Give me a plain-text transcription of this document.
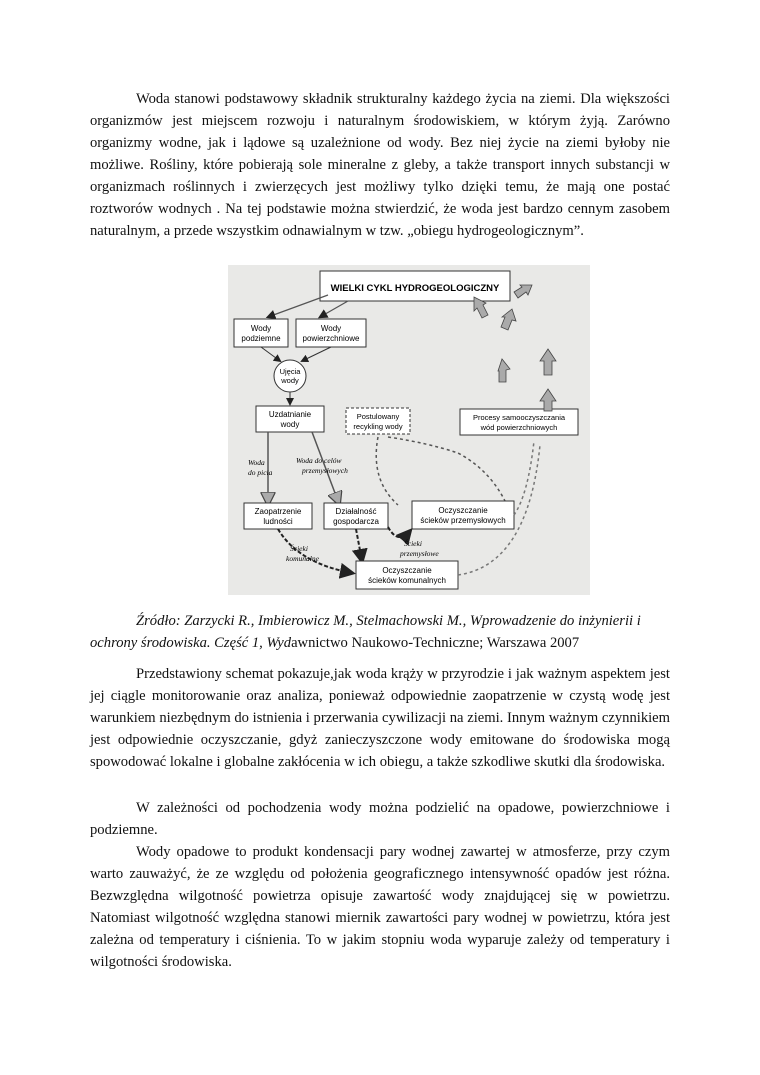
Woda stanowi podstawowy składnik strukturalny każdego życia na ziemi. Dla większości organizmów jest miejscem rozwoju i naturalnym środowiskiem, w którym żyją. Zarówno organizmy wodne, jak i lądowe są uzależnione od wody. Bez niej życie na ziemi byłoby nie możliwe. Rośliny, które pobierają sole mineralne z gleby, a także transport innych substancji w organizmach roślinnych i zwierzęcych jest możliwy tylko dzięki temu, że mają one postać roztworów wodnych . Na tej podstawie można stwierdzić, że woda jest bardzo cennym zasobem naturalnym, a przede wszystkim odnawialnym w tzw. „obiegu hydrogeologicznym”.

WIELKI CYKL HYDROGEOLOGICZNY
Wody
podziemne
Wody
powierzchniowe
Ujęcia
wody
Uzdatnianie
wody
Postulowany
recykling wody
Procesy samooczyszczania
wód powierzchniowych
Woda
do picia
Woda do celów
przemysłowych
Zaopatrzenie
ludności
Działalność
gospodarcza
Oczyszczanie
ścieków przemysłowych
Ścieki
przemysłowe
Ścieki
komunalne
Oczyszczanie
ścieków komunalnych

Źródło: Zarzycki R., Imbierowicz M., Stelmachowski M., Wprowadzenie do inżynierii i ochrony środowiska. Część 1, Wydawnictwo Naukowo-Techniczne; Warszawa 2007

Przedstawiony schemat pokazuje,jak woda krąży w przyrodzie i jak ważnym aspektem jest jej ciągle monitorowanie oraz analiza, ponieważ odpowiednie zaopatrzenie w czystą wodę jest warunkiem niezbędnym do istnienia i przerwania cywilizacji na ziemi. Innym ważnym czynnikiem jest odpowiednie oczyszczanie, gdyż zanieczyszczone wody emitowane do środowiska mogą spowodować lokalne i globalne zakłócenia w ich obiegu, a także szkodliwe skutki dla środowiska.

W zależności od pochodzenia wody można podzielić na opadowe, powierzchniowe i podziemne.

Wody opadowe to produkt kondensacji pary wodnej zawartej w atmosferze, przy czym warto zauważyć, że ze względu od położenia geograficznego intensywność opadów jest różna. Bezwzględna wilgotność powietrza opisuje zawartość wody znajdującej się w powietrzu. Natomiast wilgotność względna stanowi miernik zawartości pary wodnej w powietrzu, która jest zależna od temperatury i ciśnienia. To w jakim stopniu woda wyparuje zależy od temperatury i wilgotności środowiska.
